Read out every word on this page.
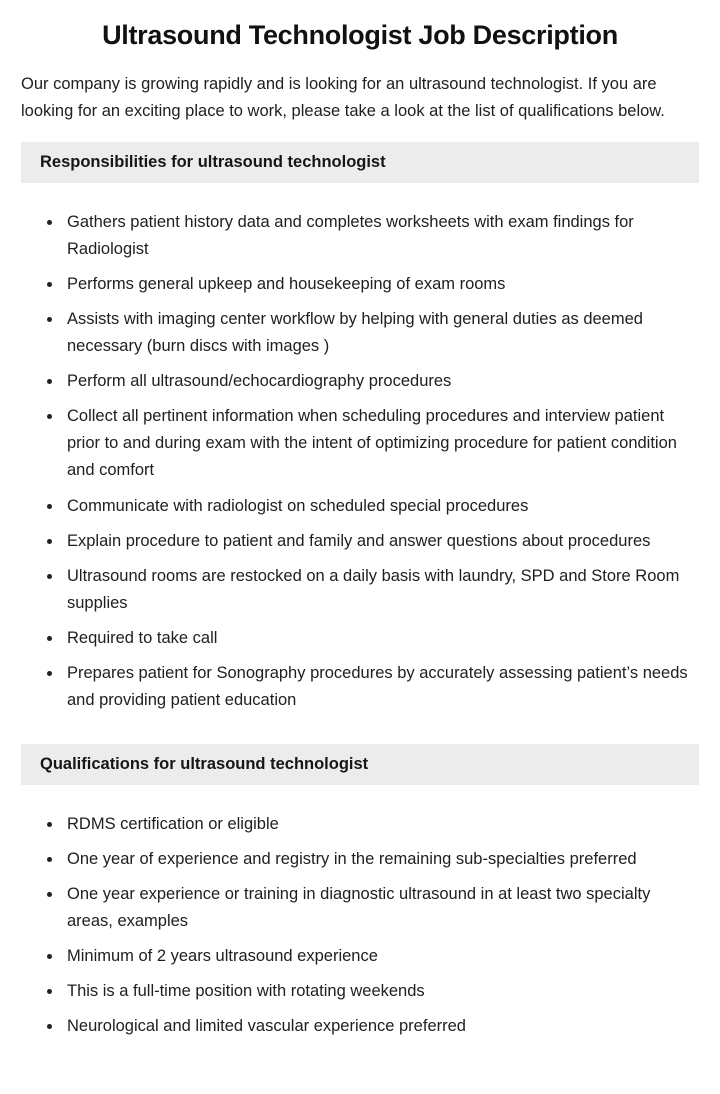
Ultrasound Technologist Job Description

Our company is growing rapidly and is looking for an ultrasound technologist. If you are looking for an exciting place to work, please take a look at the list of qualifications below.

Responsibilities for ultrasound technologist
• Gathers patient history data and completes worksheets with exam findings for Radiologist
• Performs general upkeep and housekeeping of exam rooms
• Assists with imaging center workflow by helping with general duties as deemed necessary (burn discs with images )
• Perform all ultrasound/echocardiography procedures
• Collect all pertinent information when scheduling procedures and interview patient prior to and during exam with the intent of optimizing procedure for patient condition and comfort
• Communicate with radiologist on scheduled special procedures
• Explain procedure to patient and family and answer questions about procedures
• Ultrasound rooms are restocked on a daily basis with laundry, SPD and Store Room supplies
• Required to take call
• Prepares patient for Sonography procedures by accurately assessing patient’s needs and providing patient education
Qualifications for ultrasound technologist
• RDMS certification or eligible
• One year of experience and registry in the remaining sub-specialties preferred
• One year experience or training in diagnostic ultrasound in at least two specialty areas, examples
• Minimum of 2 years ultrasound experience
• This is a full-time position with rotating weekends
• Neurological and limited vascular experience preferred
